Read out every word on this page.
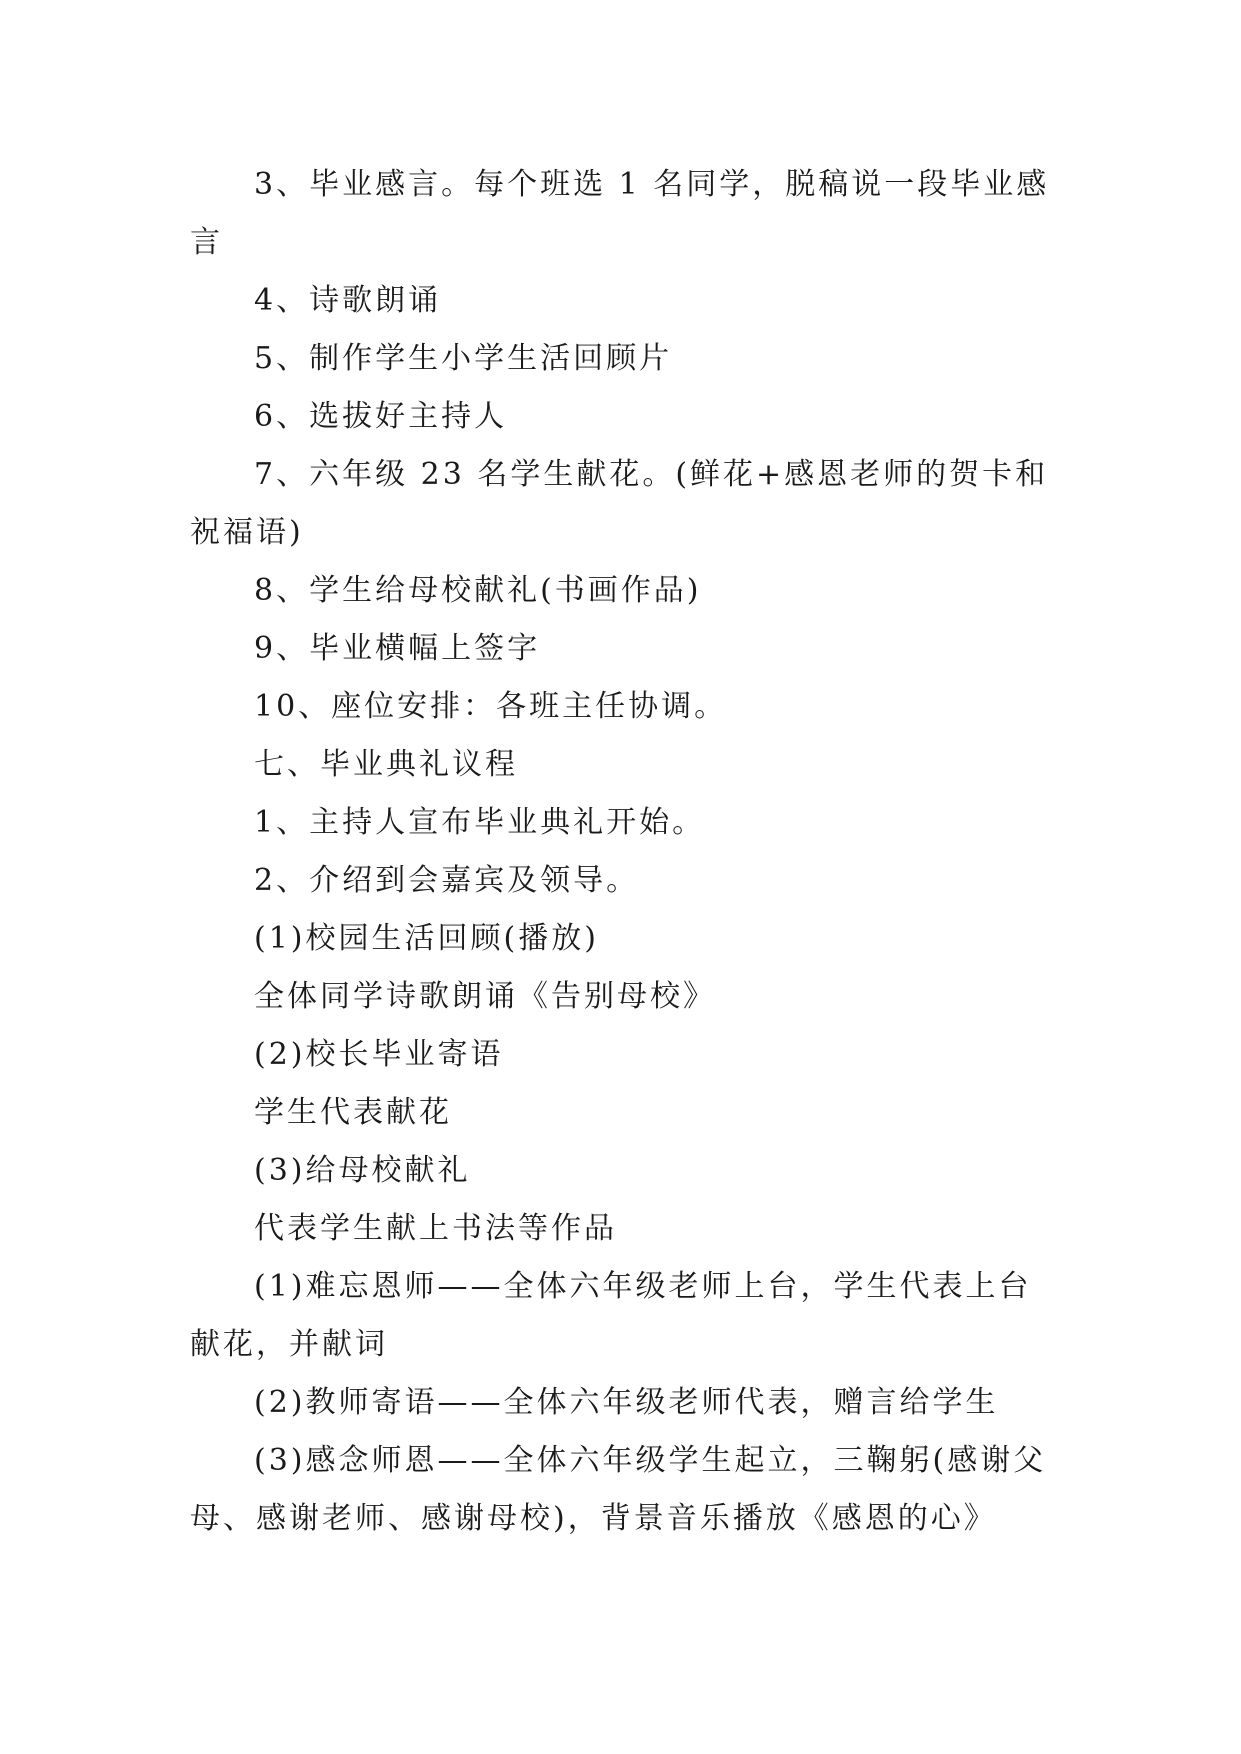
3、毕业感言。每个班选 1 名同学，脱稿说一段毕业感言

4、诗歌朗诵

5、制作学生小学生活回顾片

6、选拔好主持人

7、六年级 23 名学生献花。(鲜花+感恩老师的贺卡和祝福语)

8、学生给母校献礼(书画作品)

9、毕业横幅上签字

10、座位安排：各班主任协调。

七、毕业典礼议程

1、主持人宣布毕业典礼开始。

2、介绍到会嘉宾及领导。

(1)校园生活回顾(播放)

全体同学诗歌朗诵《告别母校》

(2)校长毕业寄语

学生代表献花

(3)给母校献礼

代表学生献上书法等作品

(1)难忘恩师——全体六年级老师上台，学生代表上台献花，并献词

(2)教师寄语——全体六年级老师代表，赠言给学生

(3)感念师恩——全体六年级学生起立，三鞠躬(感谢父母、感谢老师、感谢母校)，背景音乐播放《感恩的心》
